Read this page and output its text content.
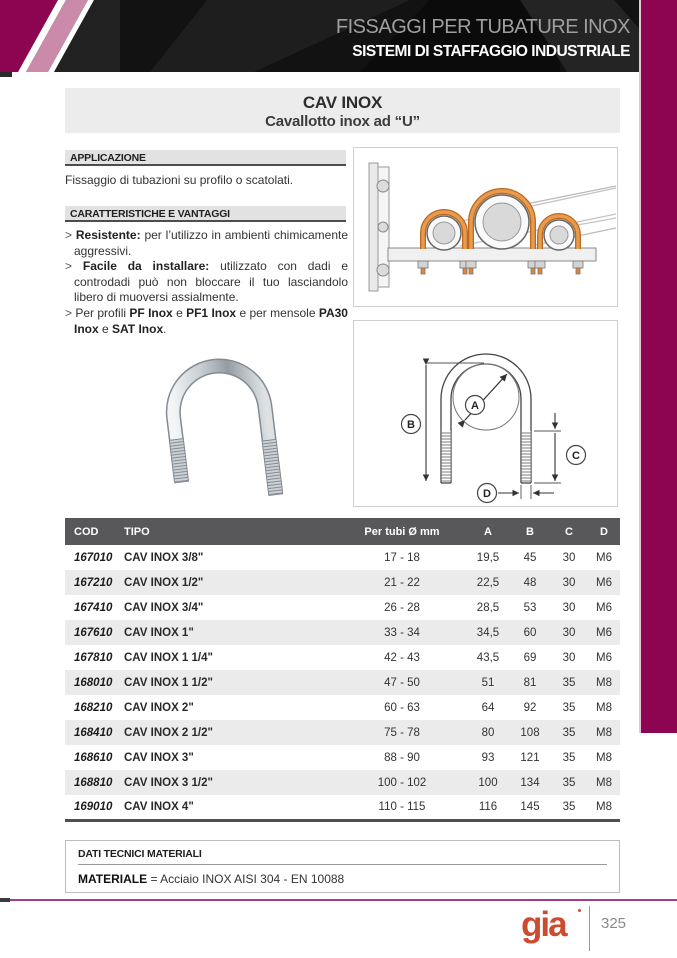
FISSAGGI PER TUBATURE INOX
SISTEMI DI STAFFAGGIO INDUSTRIALE
CAV INOX
Cavallotto inox ad “U”
APPLICAZIONE

Fissaggio di tubazioni su profilo o scatolati.

CARATTERISTICHE E VANTAGGI
> Resistente: per l’utilizzo in ambienti chimicamente aggressivi.
> Facile da installare: utilizzato con dadi e controdadi può non bloccare il tuo lasciandolo libero di muoversi assialmente.
> Per profili PF Inox e PF1 Inox e per mensole PA30 Inox e SAT Inox.
A
B
C
D
COD	TIPO	Per tubi Ø mm	A	B	C	D
167010	CAV INOX 3/8"	17 - 18	19,5	45	30	M6
167210	CAV INOX 1/2"	21 - 22	22,5	48	30	M6
167410	CAV INOX 3/4"	26 - 28	28,5	53	30	M6
167610	CAV INOX 1"	33 - 34	34,5	60	30	M6
167810	CAV INOX 1 1/4"	42 - 43	43,5	69	30	M6
168010	CAV INOX 1 1/2"	47 - 50	51	81	35	M8
168210	CAV INOX 2"	60 - 63	64	92	35	M8
168410	CAV INOX 2 1/2"	75 - 78	80	108	35	M8
168610	CAV INOX 3"	88 - 90	93	121	35	M8
168810	CAV INOX 3 1/2"	100 - 102	100	134	35	M8
169010	CAV INOX 4"	110 - 115	116	145	35	M8
DATI TECNICI MATERIALI
MATERIALE = Acciaio INOX AISI 304 - EN 10088
gia 325
